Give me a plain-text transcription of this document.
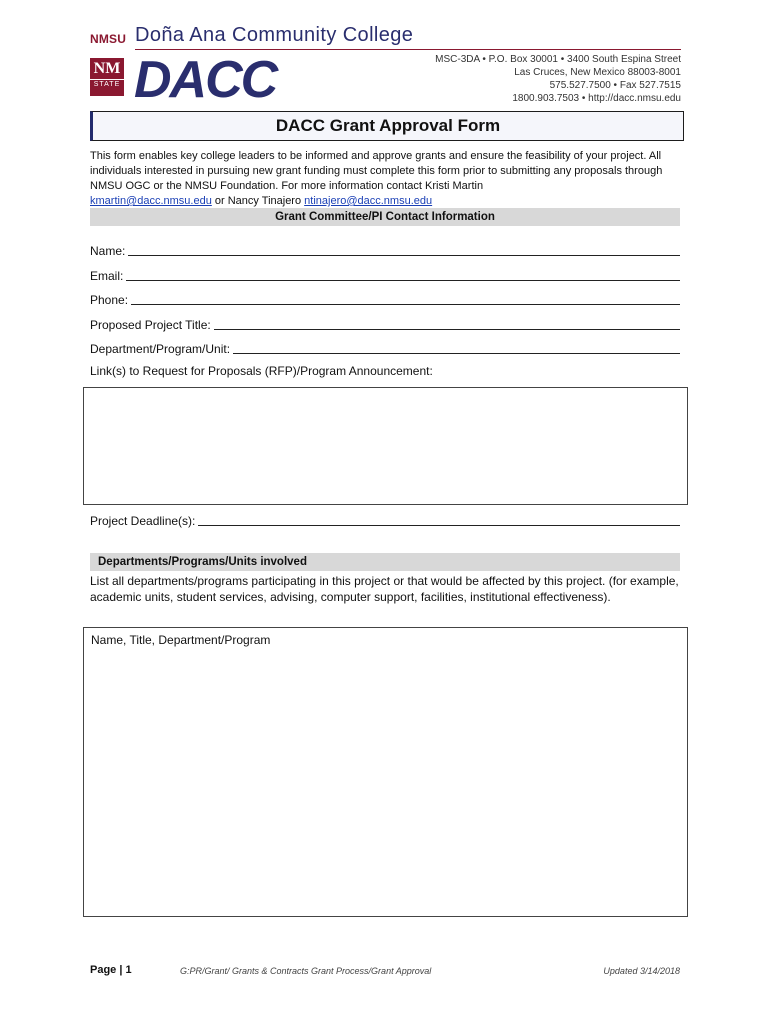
NMSU Doña Ana Community College
NM
STATE DACC	MSC-3DA • P.O. Box 30001 • 3400 South Espina Street
Las Cruces, New Mexico 88003-8001
575.527.7500 • Fax 527.7515
1800.903.7503 • http://dacc.nmsu.edu
DACC Grant Approval Form
This form enables key college leaders to be informed and approve grants and ensure the feasibility of your project. All individuals interested in pursuing new grant funding must complete this form prior to submitting any proposals through NMSU OGC or the NMSU Foundation. For more information contact Kristi Martin
kmartin@dacc.nmsu.edu or Nancy Tinajero ntinajero@dacc.nmsu.edu
Grant Committee/PI Contact Information
Name:
Email:
Phone:
Proposed Project Title:
Department/Program/Unit:
Link(s) to Request for Proposals (RFP)/Program Announcement:
Project Deadline(s):
Departments/Programs/Units involved
List all departments/programs participating in this project or that would be affected by this project. (for example, academic units, student services, advising, computer support, facilities, institutional effectiveness).
Name, Title, Department/Program
Page | 1	G:PR/Grant/ Grants & Contracts Grant Process/Grant Approval	Updated 3/14/2018
